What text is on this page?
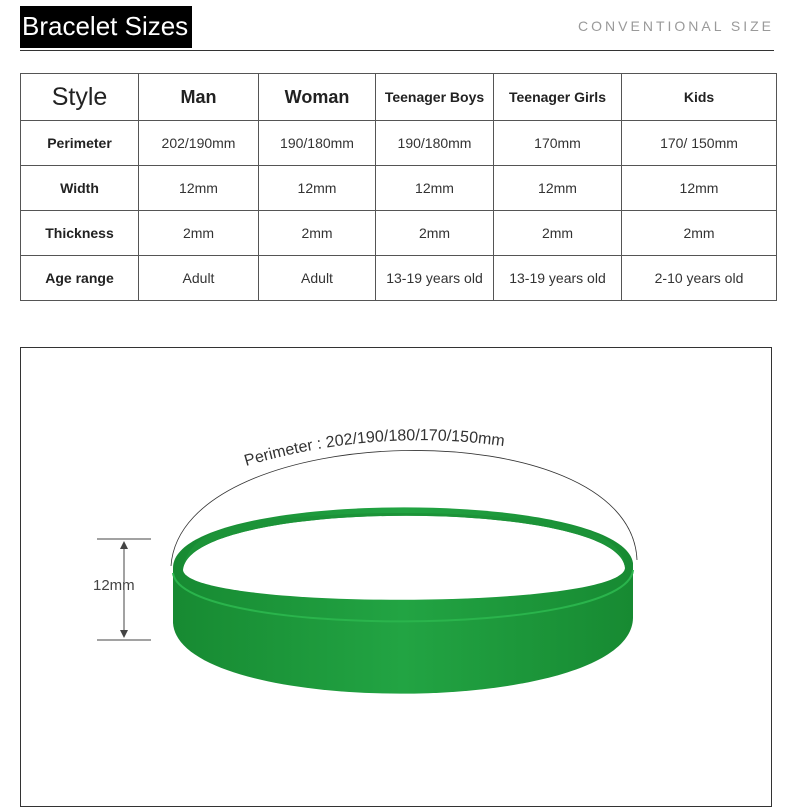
Bracelet Sizes	CONVENTIONAL SIZE
Style	Man	Woman	Teenager Boys	Teenager Girls	Kids
Perimeter	202/190mm	190/180mm	190/180mm	170mm	170/ 150mm
Width	12mm	12mm	12mm	12mm	12mm
Thickness	2mm	2mm	2mm	2mm	2mm
Age range	Adult	Adult	13-19 years old	13-19 years old	2-10 years old
Perimeter : 202/190/180/170/150mm
12mm
